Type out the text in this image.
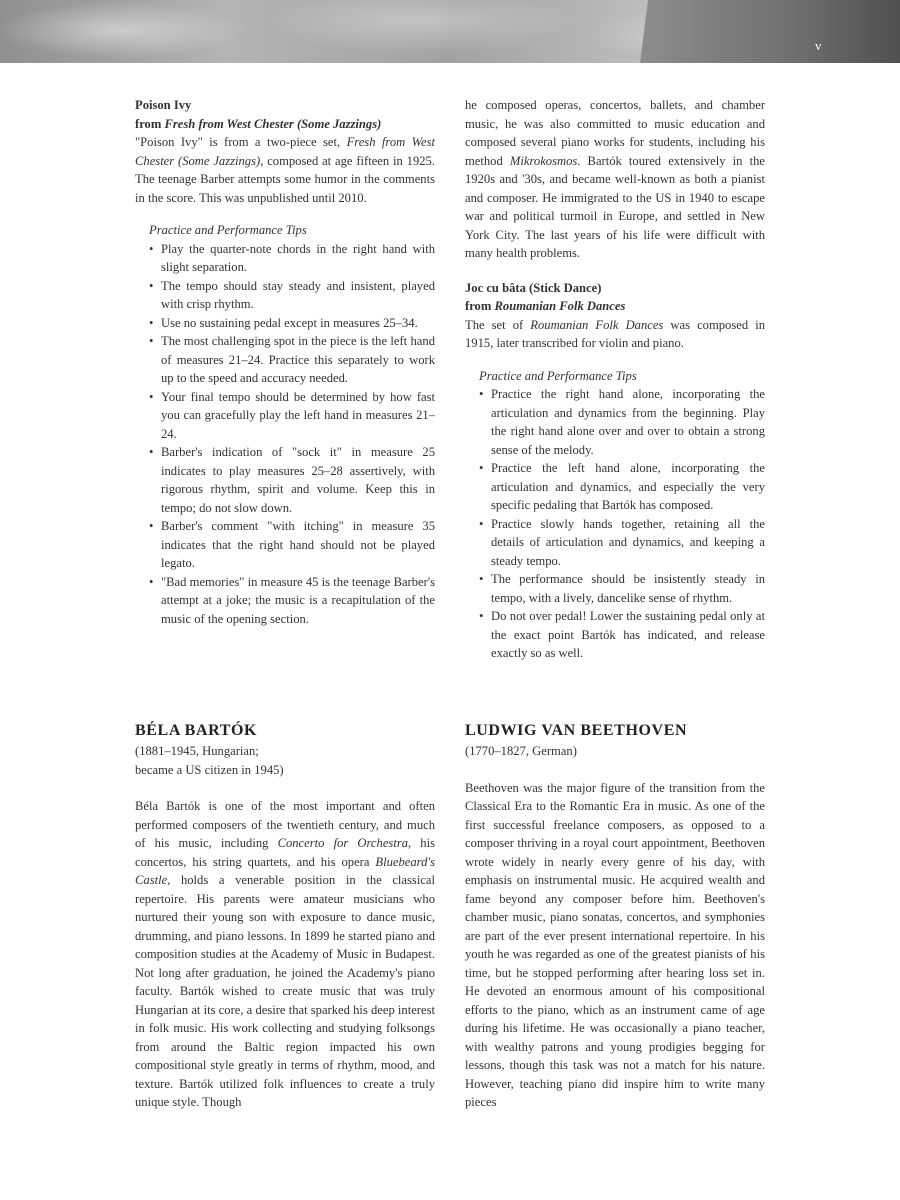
v

Poison Ivy

from Fresh from West Chester (Some Jazzings)

"Poison Ivy" is from a two-piece set, Fresh from West Chester (Some Jazzings), composed at age fifteen in 1925. The teenage Barber attempts some humor in the comments in the score. This was unpublished until 2010.

Practice and Performance Tips

• Play the quarter-note chords in the right hand with slight separation.
• The tempo should stay steady and insistent, played with crisp rhythm.
• Use no sustaining pedal except in measures 25–34.
• The most challenging spot in the piece is the left hand of measures 21–24. Practice this separately to work up to the speed and accuracy needed.
• Your final tempo should be determined by how fast you can gracefully play the left hand in measures 21–24.
• Barber's indication of "sock it" in measure 25 indicates to play measures 25–28 assertively, with rigorous rhythm, spirit and volume. Keep this in tempo; do not slow down.
• Barber's comment "with itching" in measure 35 indicates that the right hand should not be played legato.
• "Bad memories" in measure 45 is the teenage Barber's attempt at a joke; the music is a recapitulation of the music of the opening section.

he composed operas, concertos, ballets, and chamber music, he was also committed to music education and composed several piano works for students, including his method Mikrokosmos. Bartók toured extensively in the 1920s and '30s, and became well-known as both a pianist and composer. He immigrated to the US in 1940 to escape war and political turmoil in Europe, and settled in New York City. The last years of his life were difficult with many health problems.

Joc cu bâta (Stick Dance)

from Roumanian Folk Dances

The set of Roumanian Folk Dances was composed in 1915, later transcribed for violin and piano.

Practice and Performance Tips

• Practice the right hand alone, incorporating the articulation and dynamics from the beginning. Play the right hand alone over and over to obtain a strong sense of the melody.
• Practice the left hand alone, incorporating the articulation and dynamics, and especially the very specific pedaling that Bartók has composed.
• Practice slowly hands together, retaining all the details of articulation and dynamics, and keeping a steady tempo.
• The performance should be insistently steady in tempo, with a lively, dancelike sense of rhythm.
• Do not over pedal! Lower the sustaining pedal only at the exact point Bartók has indicated, and release exactly so as well.
BÉLA BARTÓK

(1881–1945, Hungarian;
became a US citizen in 1945)

Béla Bartók is one of the most important and often performed composers of the twentieth century, and much of his music, including Concerto for Orchestra, his concertos, his string quartets, and his opera Bluebeard's Castle, holds a venerable position in the classical repertoire. His parents were amateur musicians who nurtured their young son with exposure to dance music, drumming, and piano lessons. In 1899 he started piano and composition studies at the Academy of Music in Budapest. Not long after graduation, he joined the Academy's piano faculty. Bartók wished to create music that was truly Hungarian at its core, a desire that sparked his deep interest in folk music. His work collecting and studying folksongs from around the Baltic region impacted his own compositional style greatly in terms of rhythm, mood, and texture. Bartók utilized folk influences to create a truly unique style. Though

LUDWIG VAN BEETHOVEN

(1770–1827, German)

Beethoven was the major figure of the transition from the Classical Era to the Romantic Era in music. As one of the first successful freelance composers, as opposed to a composer thriving in a royal court appointment, Beethoven wrote widely in nearly every genre of his day, with emphasis on instrumental music. He acquired wealth and fame beyond any composer before him. Beethoven's chamber music, piano sonatas, concertos, and symphonies are part of the ever present international repertoire. In his youth he was regarded as one of the greatest pianists of his time, but he stopped performing after hearing loss set in. He devoted an enormous amount of his compositional efforts to the piano, which as an instrument came of age during his lifetime. He was occasionally a piano teacher, with wealthy patrons and young prodigies begging for lessons, though this task was not a match for his nature. However, teaching piano did inspire him to write many pieces
